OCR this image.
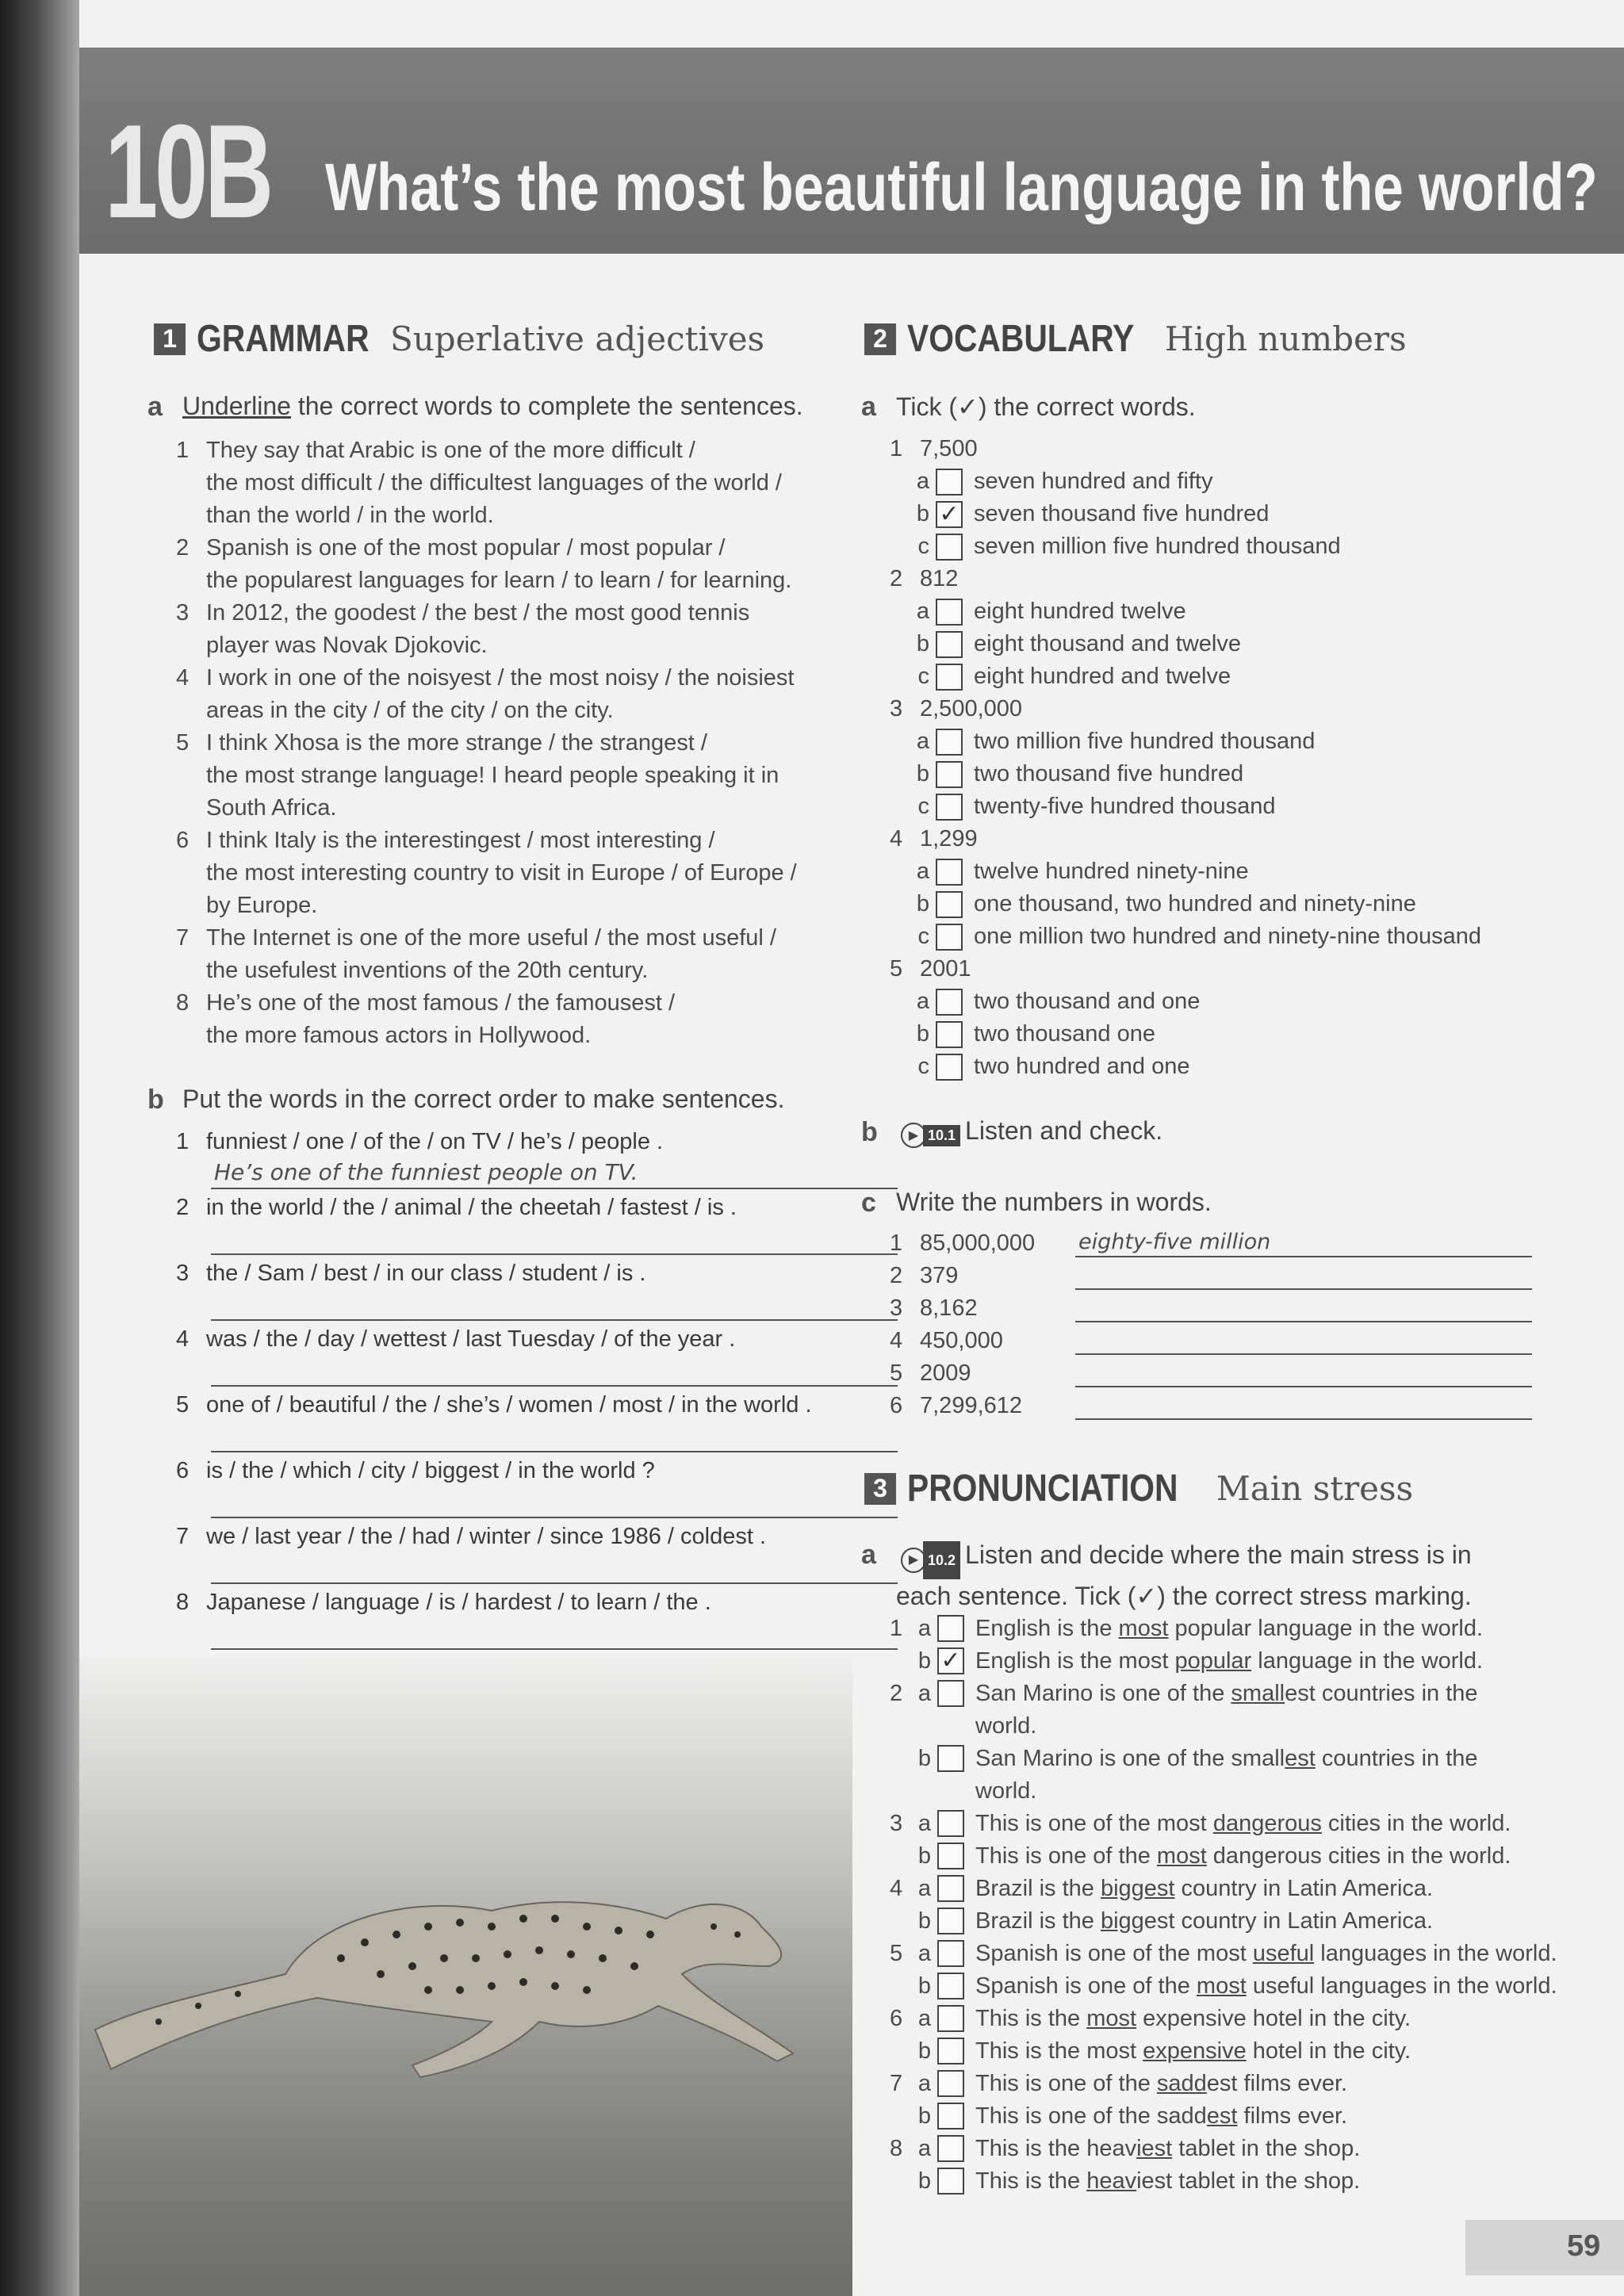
10B What’s the most beautiful language in the world?
1 GRAMMAR Superlative adjectives
a Underline the correct words to complete the sentences.
1 They say that Arabic is one of the more difficult /
the most difficult / the difficultest languages of the world /
than the world / in the world.
2 Spanish is one of the most popular / most popular /
the popularest languages for learn / to learn / for learning.
3 In 2012, the goodest / the best / the most good tennis
player was Novak Djokovic.
4 I work in one of the noisyest / the most noisy / the noisiest
areas in the city / of the city / on the city.
5 I think Xhosa is the more strange / the strangest /
the most strange language! I heard people speaking it in
South Africa.
6 I think Italy is the interestingest / most interesting /
the most interesting country to visit in Europe / of Europe /
by Europe.
7 The Internet is one of the more useful / the most useful /
the usefulest inventions of the 20th century.
8 He’s one of the most famous / the famousest /
the more famous actors in Hollywood.
b Put the words in the correct order to make sentences.
1 funniest / one / of the / on TV / he’s / people .
He’s one of the funniest people on TV.
2 in the world / the / animal / the cheetah / fastest / is .
3 the / Sam / best / in our class / student / is .
4 was / the / day / wettest / last Tuesday / of the year .
5 one of / beautiful / the / she’s / women / most / in the world .
6 is / the / which / city / biggest / in the world ?
7 we / last year / the / had / winter / since 1986 / coldest .
8 Japanese / language / is / hardest / to learn / the .
2 VOCABULARY High numbers
a Tick (✓) the correct words.
1 7,500
a seven hundred and fifty
b ✓ seven thousand five hundred
c seven million five hundred thousand
2 812
a eight hundred twelve
b eight thousand and twelve
c eight hundred and twelve
3 2,500,000
a two million five hundred thousand
b two thousand five hundred
c twenty-five hundred thousand
4 1,299
a twelve hundred ninety-nine
b one thousand, two hundred and ninety-nine
c one million two hundred and ninety-nine thousand
5 2001
a two thousand and one
b two thousand one
c two hundred and one
b	▶ 10.1 Listen and check.
c Write the numbers in words.
1 85,000,000	eighty-five million
2 379
3 8,162
4 450,000
5 2009
6 7,299,612
3 PRONUNCIATION Main stress
a	▶ 10.2 Listen and decide where the main stress is in
each sentence. Tick (✓) the correct stress marking.
1 a English is the most popular language in the world.
b ✓ English is the most popular language in the world.
2 a San Marino is one of the smallest countries in the
world.
b San Marino is one of the smallest countries in the
world.
3 a This is one of the most dangerous cities in the world.
b This is one of the most dangerous cities in the world.
4 a Brazil is the biggest country in Latin America.
b Brazil is the biggest country in Latin America.
5 a Spanish is one of the most useful languages in the world.
b Spanish is one of the most useful languages in the world.
6 a This is the most expensive hotel in the city.
b This is the most expensive hotel in the city.
7 a This is one of the saddest films ever.
b This is one of the saddest films ever.
8 a This is the heaviest tablet in the shop.
b This is the heaviest tablet in the shop.
59
